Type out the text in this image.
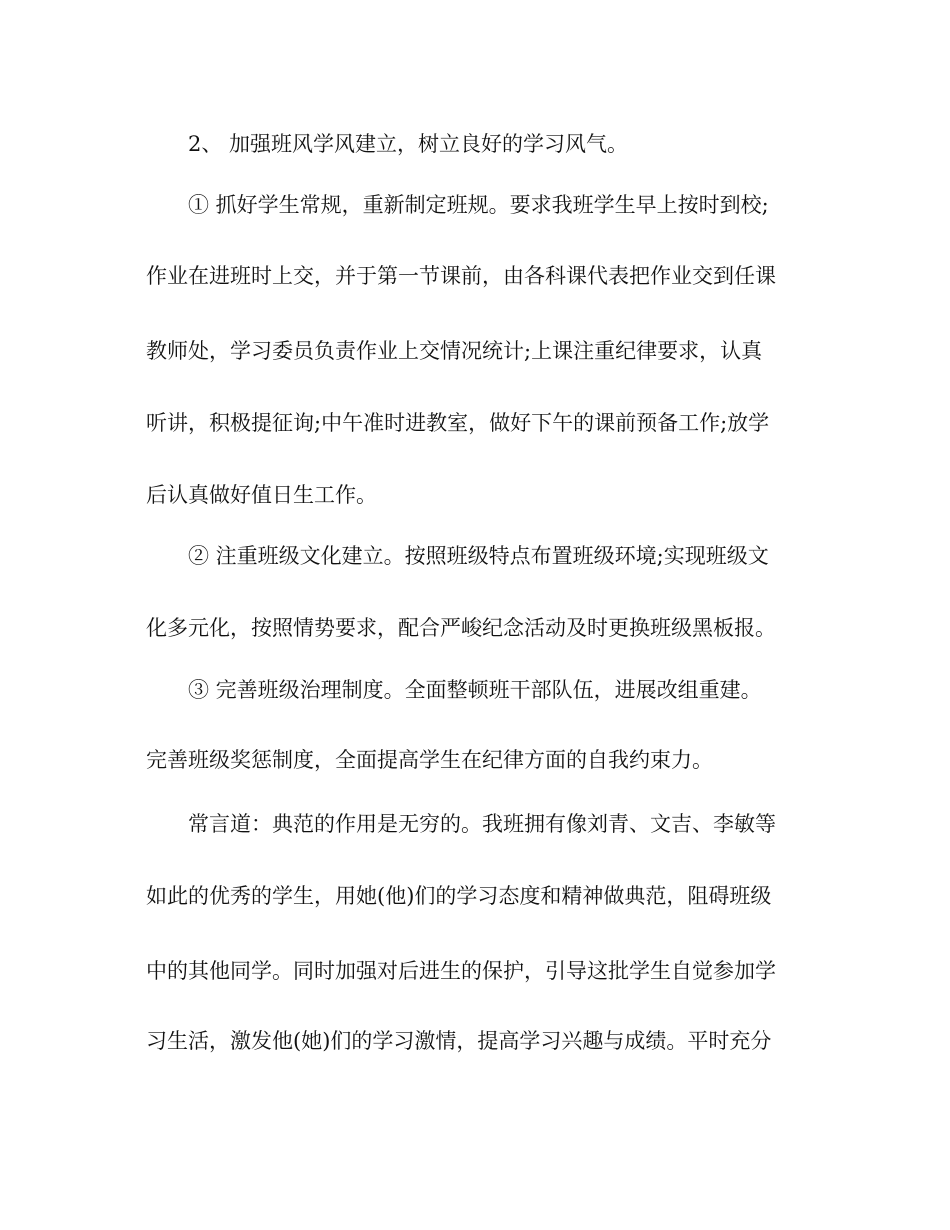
2、 加强班风学风建立，树立良好的学习风气。

① 抓好学生常规，重新制定班规。要求我班学生早上按时到校;

作业在进班时上交，并于第一节课前，由各科课代表把作业交到任课

教师处，学习委员负责作业上交情况统计;上课注重纪律要求，认真

听讲，积极提征询;中午准时进教室，做好下午的课前预备工作;放学

后认真做好值日生工作。

② 注重班级文化建立。按照班级特点布置班级环境;实现班级文

化多元化，按照情势要求，配合严峻纪念活动及时更换班级黑板报。

③ 完善班级治理制度。全面整顿班干部队伍，进展改组重建。

完善班级奖惩制度，全面提高学生在纪律方面的自我约束力。

常言道：典范的作用是无穷的。我班拥有像刘青、文吉、李敏等

如此的优秀的学生，用她(他)们的学习态度和精神做典范，阻碍班级

中的其他同学。同时加强对后进生的保护，引导这批学生自觉参加学

习生活，激发他(她)们的学习激情，提高学习兴趣与成绩。平时充分
